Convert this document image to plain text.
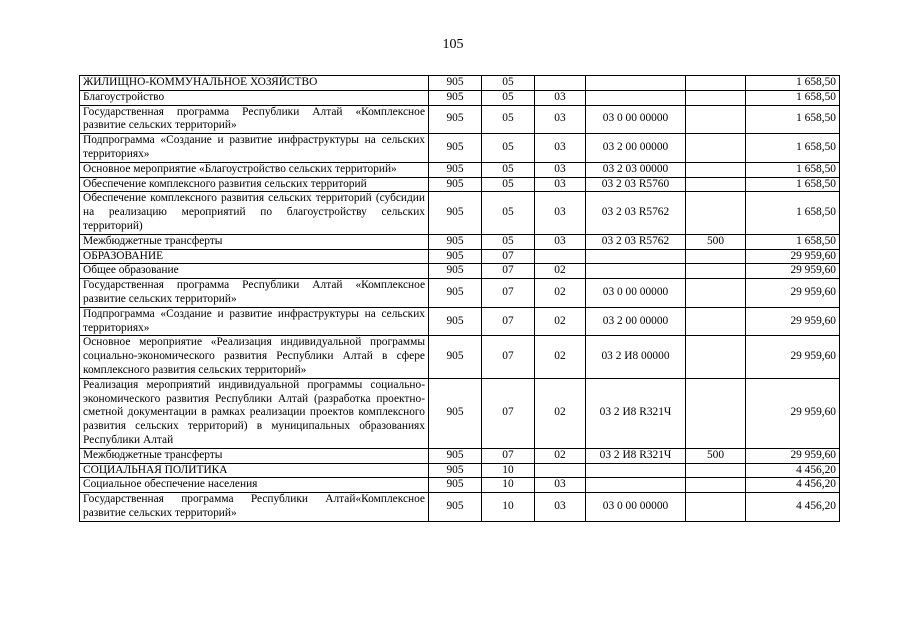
105
ЖИЛИЩНО-КОММУНАЛЬНОЕ ХОЗЯЙСТВО	905	05				1 658,50
Благоустройство	905	05	03			1 658,50
Государственная программа Республики Алтай «Комплексное развитие сельских территорий»	905	05	03	03 0 00 00000		1 658,50
Подпрограмма «Создание и развитие инфраструктуры на сельских территориях»	905	05	03	03 2 00 00000		1 658,50
Основное мероприятие «Благоустройство сельских территорий»	905	05	03	03 2 03 00000		1 658,50
Обеспечение комплексного развития сельских территорий	905	05	03	03 2 03 R5760		1 658,50
Обеспечение комплексного развития сельских территорий (субсидии на реализацию мероприятий по благоустройству сельских территорий)	905	05	03	03 2 03 R5762		1 658,50
Межбюджетные трансферты	905	05	03	03 2 03 R5762	500	1 658,50
ОБРАЗОВАНИЕ	905	07				29 959,60
Общее образование	905	07	02			29 959,60
Государственная программа Республики Алтай «Комплексное развитие сельских территорий»	905	07	02	03 0 00 00000		29 959,60
Подпрограмма «Создание и развитие инфраструктуры на сельских территориях»	905	07	02	03 2 00 00000		29 959,60
Основное мероприятие «Реализация индивидуальной программы социально-экономического развития Республики Алтай в сфере комплексного развития сельских территорий»	905	07	02	03 2 И8 00000		29 959,60
Реализация мероприятий индивидуальной программы социально-экономического развития Республики Алтай (разработка проектно-сметной документации в рамках реализации проектов комплексного развития сельских территорий) в муниципальных образованиях Республики Алтай	905	07	02	03 2 И8 R321Ч		29 959,60
Межбюджетные трансферты	905	07	02	03 2 И8 R321Ч	500	29 959,60
СОЦИАЛЬНАЯ ПОЛИТИКА	905	10				4 456,20
Социальное обеспечение населения	905	10	03			4 456,20
Государственная программа Республики Алтай«Комплексное развитие сельских территорий»	905	10	03	03 0 00 00000		4 456,20
